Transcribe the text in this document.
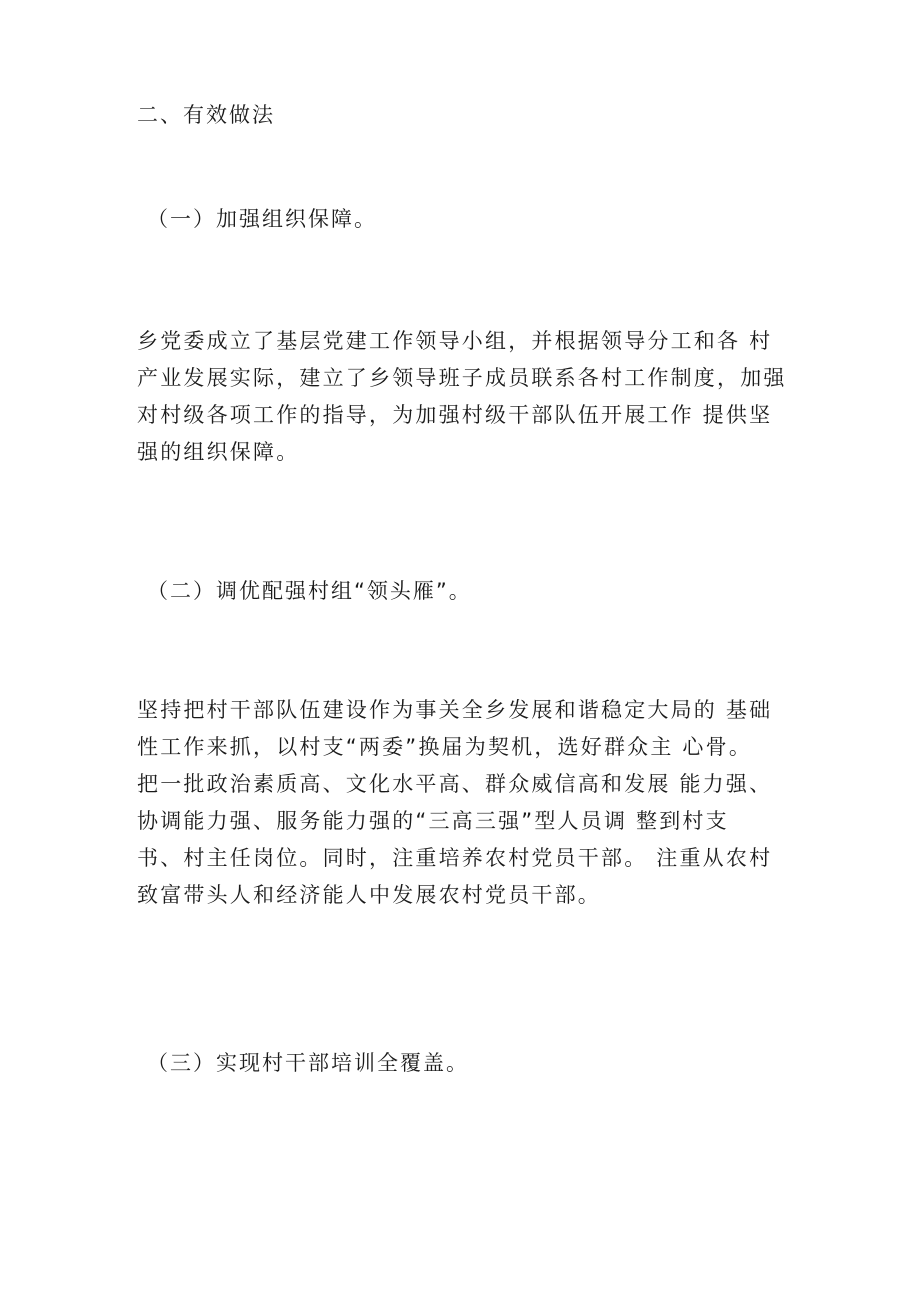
二、有效做法
（一）加强组织保障。
乡党委成立了基层党建工作领导小组，并根据领导分工和各 村
产业发展实际，建立了乡领导班子成员联系各村工作制度，加强
对村级各项工作的指导，为加强村级干部队伍开展工作 提供坚
强的组织保障。
（二）调优配强村组“领头雁”。
坚持把村干部队伍建设作为事关全乡发展和谐稳定大局的 基础
性工作来抓，以村支“两委”换届为契机，选好群众主 心骨。
把一批政治素质高、文化水平高、群众威信高和发展 能力强、
协调能力强、服务能力强的“三高三强”型人员调 整到村支
书、村主任岗位。同时，注重培养农村党员干部。 注重从农村
致富带头人和经济能人中发展农村党员干部。
（三）实现村干部培训全覆盖。
